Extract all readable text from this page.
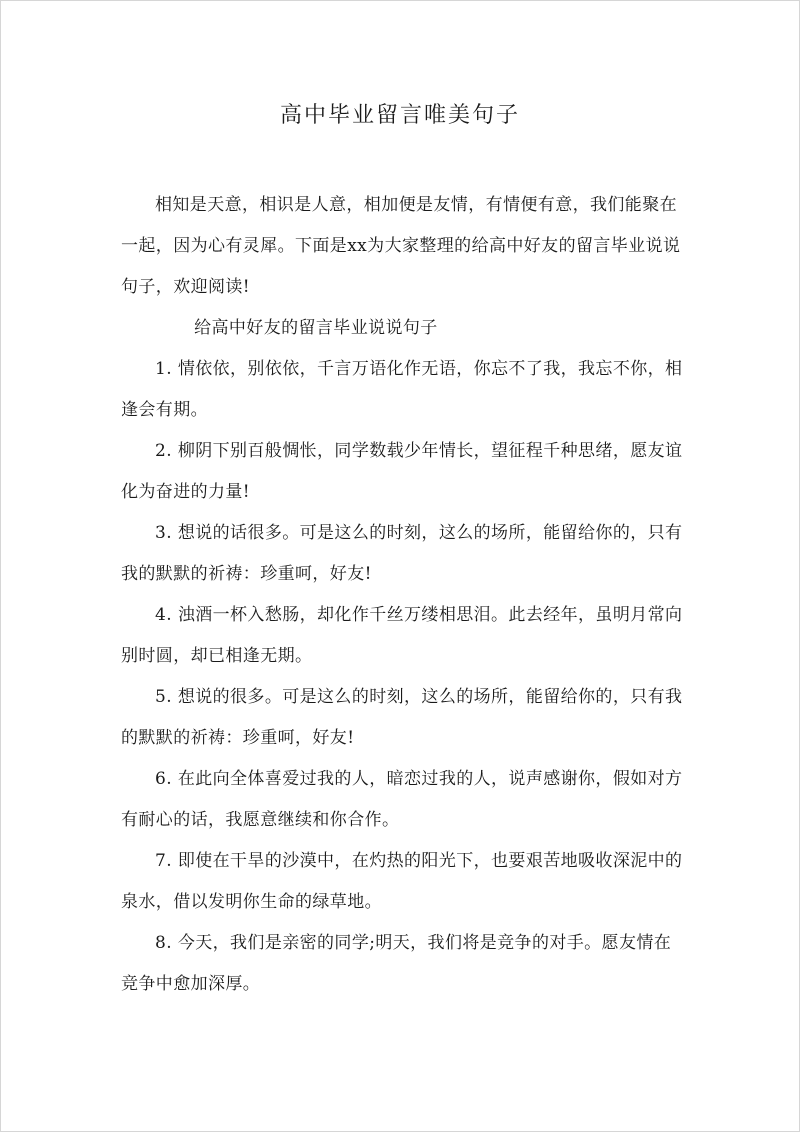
高中毕业留言唯美句子

相知是天意，相识是人意，相加便是友情，有情便有意，我们能聚在一起，因为心有灵犀。下面是xx为大家整理的给高中好友的留言毕业说说句子，欢迎阅读!

给高中好友的留言毕业说说句子

1. 情依依，别依依，千言万语化作无语，你忘不了我，我忘不你，相逢会有期。

2. 柳阴下别百般惆怅，同学数载少年情长，望征程千种思绪，愿友谊化为奋进的力量!

3. 想说的话很多。可是这么的时刻，这么的场所，能留给你的，只有我的默默的祈祷：珍重呵，好友!

4. 浊酒一杯入愁肠，却化作千丝万缕相思泪。此去经年，虽明月常向别时圆，却已相逢无期。

5. 想说的很多。可是这么的时刻，这么的场所，能留给你的，只有我的默默的祈祷：珍重呵，好友!

6. 在此向全体喜爱过我的人，暗恋过我的人，说声感谢你，假如对方有耐心的话，我愿意继续和你合作。

7. 即使在干旱的沙漠中，在灼热的阳光下，也要艰苦地吸收深泥中的泉水，借以发明你生命的绿草地。

8. 今天，我们是亲密的同学;明天，我们将是竞争的对手。愿友情在竞争中愈加深厚。
